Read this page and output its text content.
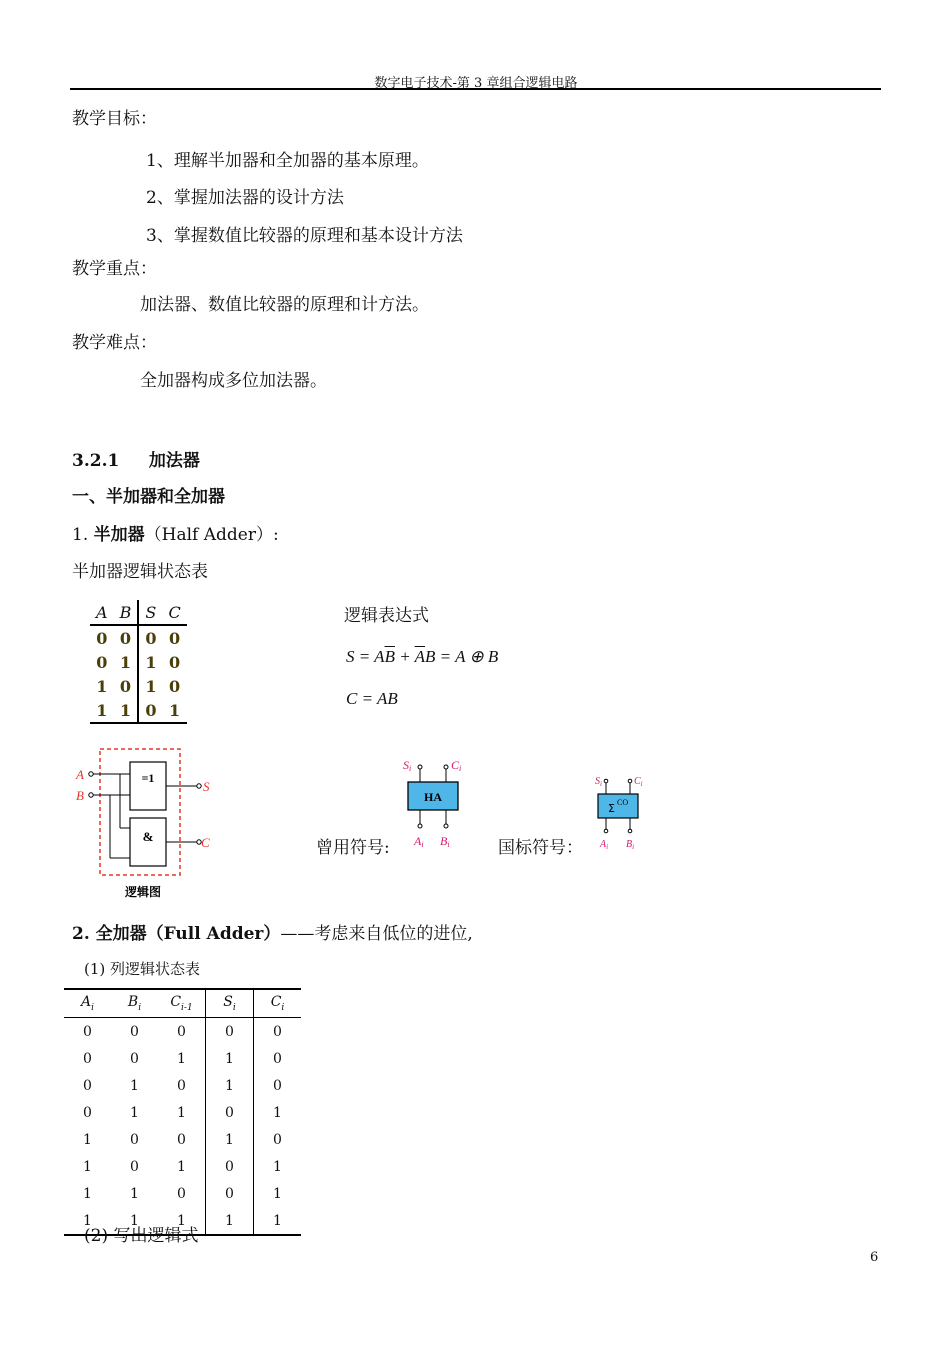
数字电子技术-第 3 章组合逻辑电路
教学目标：
1、理解半加器和全加器的基本原理。
2、掌握加法器的设计方法
3、掌握数值比较器的原理和基本设计方法
教学重点：
加法器、数值比较器的原理和计方法。
教学难点：
全加器构成多位加法器。
3.2.1 加法器
一、半加器和全加器
1. 半加器（Half Adder）:
半加器逻辑状态表
A	B	S	C
0	0	0	0
0	1	1	0
1	0	1	0
1	1	0	1
逻辑表达式
$S = A\overline{B} + \overline{A}B = A$ ⊕ B
C = AB
=1
&
A
B
S
C
逻辑图
曾用符号:
HA
Si	Ci
Ai Bi	国标符号：
Σ CO
$S_i$	$C_i$
$A_i$ $B_i$
2. 全加器（Full Adder）——考虑来自低位的进位,
(1) 列逻辑状态表
$A_i$	$B_i$	$C_{i-1}$	$S_i$	$C_i$
0	0	0	0	0
0	0	1	1	0
0	1	0	1	0
0	1	1	0	1
1	0	0	1	0
1	0	1	0	1
1	1	0	0	1
1	1	1	1	1
(2) 写出逻辑式
6
